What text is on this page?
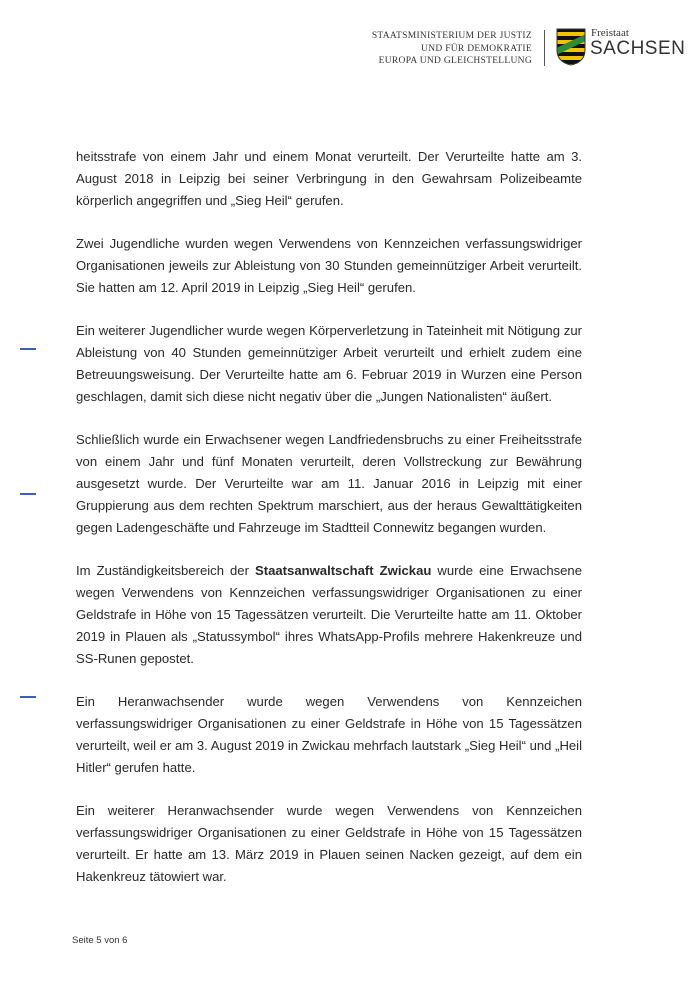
STAATSMINISTERIUM DER JUSTIZ
UND FÜR DEMOKRATIE
EUROPA UND GLEICHSTELLUNG
Freistaat
SACHSEN

heitsstrafe von einem Jahr und einem Monat verurteilt. Der Verurteilte hatte am 3. August 2018 in Leipzig bei seiner Verbringung in den Gewahrsam Polizeibeamte körperlich angegriffen und „Sieg Heil“ gerufen.

Zwei Jugendliche wurden wegen Verwendens von Kennzeichen verfassungswidriger Organisationen jeweils zur Ableistung von 30 Stunden gemeinnütziger Arbeit verurteilt. Sie hatten am 12. April 2019 in Leipzig „Sieg Heil“ gerufen.

Ein weiterer Jugendlicher wurde wegen Körperverletzung in Tateinheit mit Nötigung zur Ableistung von 40 Stunden gemeinnütziger Arbeit verurteilt und erhielt zudem eine Betreuungsweisung. Der Verurteilte hatte am 6. Februar 2019 in Wurzen eine Person geschlagen, damit sich diese nicht negativ über die „Jungen Nationalisten“ äußert.

Schließlich wurde ein Erwachsener wegen Landfriedensbruchs zu einer Freiheitsstrafe von einem Jahr und fünf Monaten verurteilt, deren Vollstreckung zur Bewährung ausgesetzt wurde. Der Verurteilte war am 11. Januar 2016 in Leipzig mit einer Gruppierung aus dem rechten Spektrum marschiert, aus der heraus Gewalttätigkeiten gegen Ladengeschäfte und Fahrzeuge im Stadtteil Connewitz begangen wurden.

Im Zuständigkeitsbereich der Staatsanwaltschaft Zwickau wurde eine Erwachsene wegen Verwendens von Kennzeichen verfassungswidriger Organisationen zu einer Geldstrafe in Höhe von 15 Tagessätzen verurteilt. Die Verurteilte hatte am 11. Oktober 2019 in Plauen als „Statussymbol“ ihres WhatsApp-Profils mehrere Hakenkreuze und SS-Runen gepostet.

Ein Heranwachsender wurde wegen Verwendens von Kennzeichen verfassungswidriger Organisationen zu einer Geldstrafe in Höhe von 15 Tagessätzen verurteilt, weil er am 3. August 2019 in Zwickau mehrfach lautstark „Sieg Heil“ und „Heil Hitler“ gerufen hatte.

Ein weiterer Heranwachsender wurde wegen Verwendens von Kennzeichen verfassungswidriger Organisationen zu einer Geldstrafe in Höhe von 15 Tagessätzen verurteilt. Er hatte am 13. März 2019 in Plauen seinen Nacken gezeigt, auf dem ein Hakenkreuz tätowiert war.

Seite 5 von 6
